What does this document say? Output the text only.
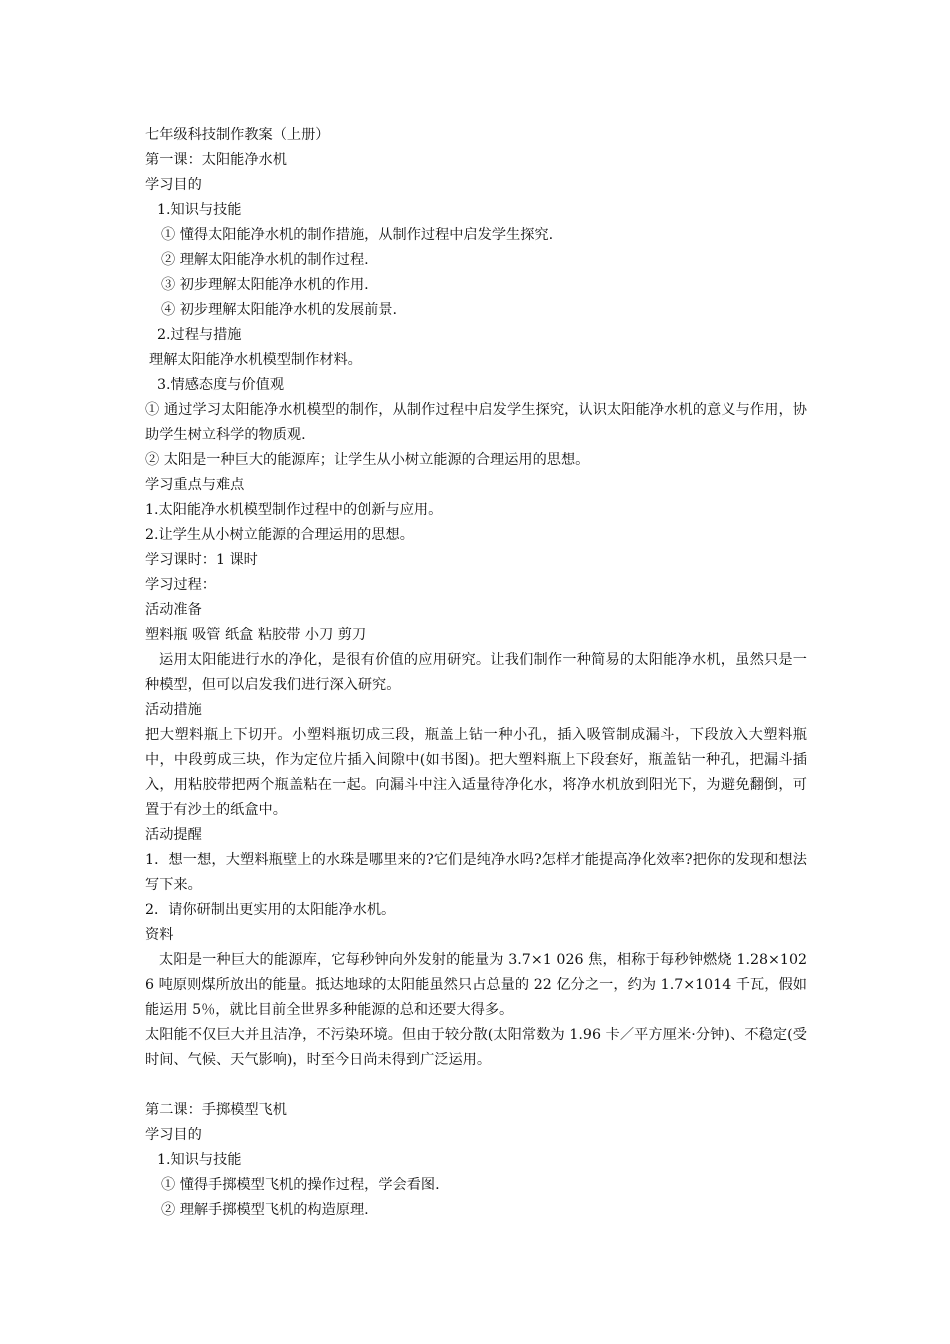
七年级科技制作教案（上册）
第一课：太阳能净水机
学习目的
1.知识与技能
① 懂得太阳能净水机的制作措施，从制作过程中启发学生探究.
② 理解太阳能净水机的制作过程.
③ 初步理解太阳能净水机的作用.
④ 初步理解太阳能净水机的发展前景.
2.过程与措施
理解太阳能净水机模型制作材料。
3.情感态度与价值观
① 通过学习太阳能净水机模型的制作，从制作过程中启发学生探究，认识太阳能净水机的意义与作用，协助学生树立科学的物质观.
② 太阳是一种巨大的能源库；让学生从小树立能源的合理运用的思想。
学习重点与难点
1.太阳能净水机模型制作过程中的创新与应用。
2.让学生从小树立能源的合理运用的思想。
学习课时：1 课时
学习过程：
活动准备
塑料瓶 吸管 纸盒 粘胶带 小刀 剪刀
运用太阳能进行水的净化，是很有价值的应用研究。让我们制作一种简易的太阳能净水机，虽然只是一种模型，但可以启发我们进行深入研究。
活动措施
把大塑料瓶上下切开。小塑料瓶切成三段，瓶盖上钻一种小孔，插入吸管制成漏斗，下段放入大塑料瓶中，中段剪成三块，作为定位片插入间隙中(如书图)。把大塑料瓶上下段套好，瓶盖钻一种孔，把漏斗插入，用粘胶带把两个瓶盖粘在一起。向漏斗中注入适量待净化水，将净水机放到阳光下，为避免翻倒，可置于有沙土的纸盒中。
活动提醒
1．想一想，大塑料瓶壁上的水珠是哪里来的?它们是纯净水吗?怎样才能提高净化效率?把你的发现和想法写下来。
2．请你研制出更实用的太阳能净水机。
资料
太阳是一种巨大的能源库，它每秒钟向外发射的能量为 3.7×1 026 焦，相称于每秒钟燃烧 1.28×1026 吨原则煤所放出的能量。抵达地球的太阳能虽然只占总量的 22 亿分之一，约为 1.7×1014 千瓦，假如能运用 5％，就比目前全世界多种能源的总和还要大得多。
太阳能不仅巨大并且洁净，不污染环境。但由于较分散(太阳常数为 1.96 卡／平方厘米·分钟)、不稳定(受时间、气候、天气影响)，时至今日尚未得到广泛运用。
第二课：手掷模型飞机
学习目的
1.知识与技能
① 懂得手掷模型飞机的操作过程，学会看图.
② 理解手掷模型飞机的构造原理.
